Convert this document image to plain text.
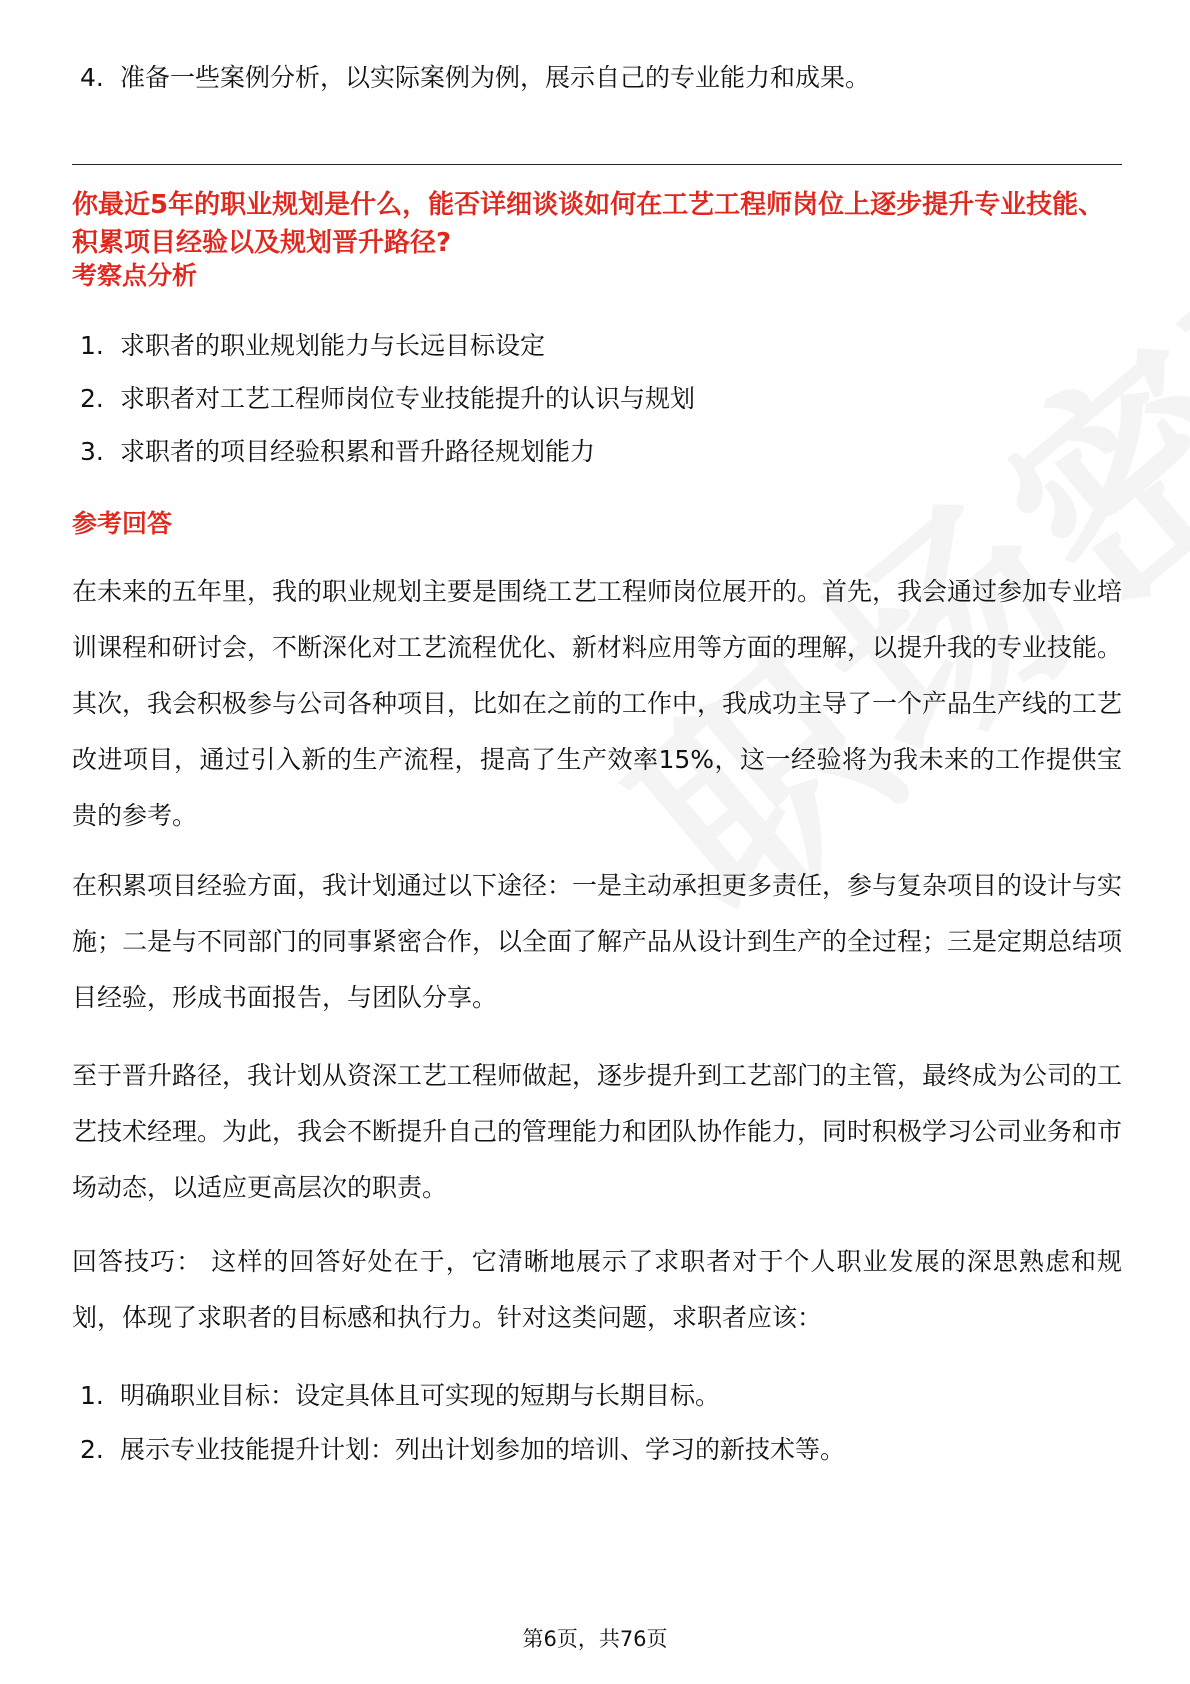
4. 准备一些案例分析，以实际案例为例，展示自己的专业能力和成果。
你最近5年的职业规划是什么，能否详细谈谈如何在工艺工程师岗位上逐步提升专业技能、积累项目经验以及规划晋升路径?
考察点分析
1. 求职者的职业规划能力与长远目标设定
2. 求职者对工艺工程师岗位专业技能提升的认识与规划
3. 求职者的项目经验积累和晋升路径规划能力
参考回答
在未来的五年里，我的职业规划主要是围绕工艺工程师岗位展开的。首先，我会通过参加专业培训课程和研讨会，不断深化对工艺流程优化、新材料应用等方面的理解，以提升我的专业技能。其次，我会积极参与公司各种项目，比如在之前的工作中，我成功主导了一个产品生产线的工艺改进项目，通过引入新的生产流程，提高了生产效率15%，这一经验将为我未来的工作提供宝贵的参考。
在积累项目经验方面，我计划通过以下途径：一是主动承担更多责任，参与复杂项目的设计与实施；二是与不同部门的同事紧密合作，以全面了解产品从设计到生产的全过程；三是定期总结项目经验，形成书面报告，与团队分享。
至于晋升路径，我计划从资深工艺工程师做起，逐步提升到工艺部门的主管，最终成为公司的工艺技术经理。为此，我会不断提升自己的管理能力和团队协作能力，同时积极学习公司业务和市场动态，以适应更高层次的职责。
回答技巧： 这样的回答好处在于，它清晰地展示了求职者对于个人职业发展的深思熟虑和规划，体现了求职者的目标感和执行力。针对这类问题，求职者应该：
1. 明确职业目标：设定具体且可实现的短期与长期目标。
2. 展示专业技能提升计划：列出计划参加的培训、学习的新技术等。
第6页，共76页
